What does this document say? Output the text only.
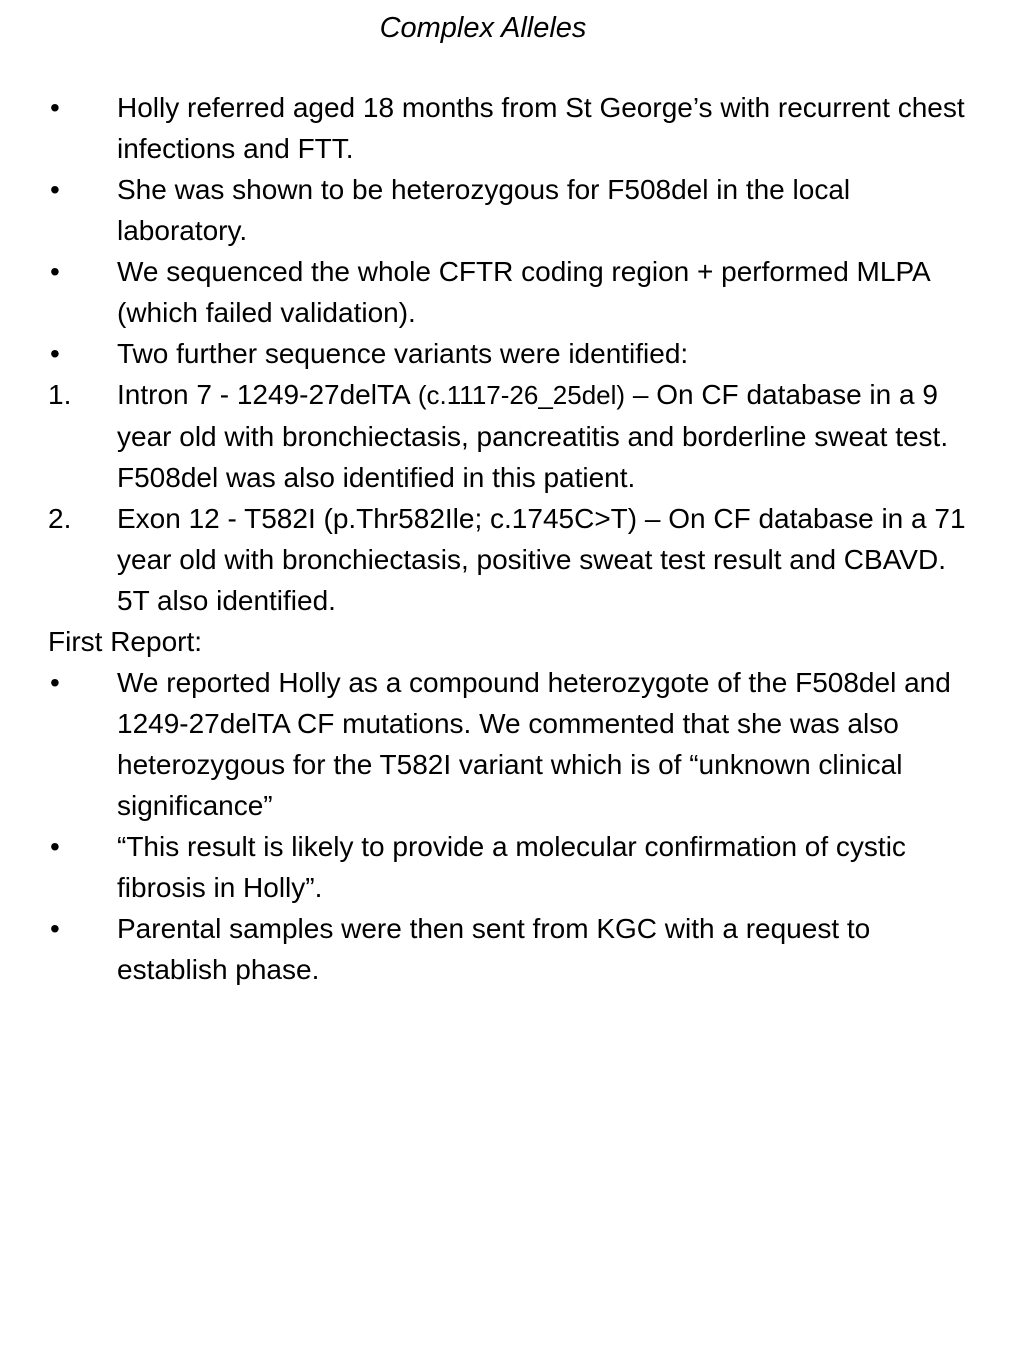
Complex Alleles
• Holly referred aged 18 months from St George’s with recurrent chest infections and FTT.
• She was shown to be heterozygous for F508del in the local laboratory.
• We sequenced the whole CFTR coding region + performed MLPA (which failed validation).
• Two further sequence variants were identified:
1. Intron 7 - 1249-27delTA (c.1117-26_25del) – On CF database in a 9 year old with bronchiectasis, pancreatitis and borderline sweat test. F508del was also identified in this patient.
2. Exon 12 - T582I (p.Thr582Ile; c.1745C>T) – On CF database in a 71 year old with bronchiectasis, positive sweat test result and CBAVD. 5T also identified.
First Report:
• We reported Holly as a compound heterozygote of the F508del and 1249-27delTA CF mutations. We commented that she was also heterozygous for the T582I variant which is of “unknown clinical significance”
• “This result is likely to provide a molecular confirmation of cystic fibrosis in Holly”.
• Parental samples were then sent from KGC with a request to establish phase.
